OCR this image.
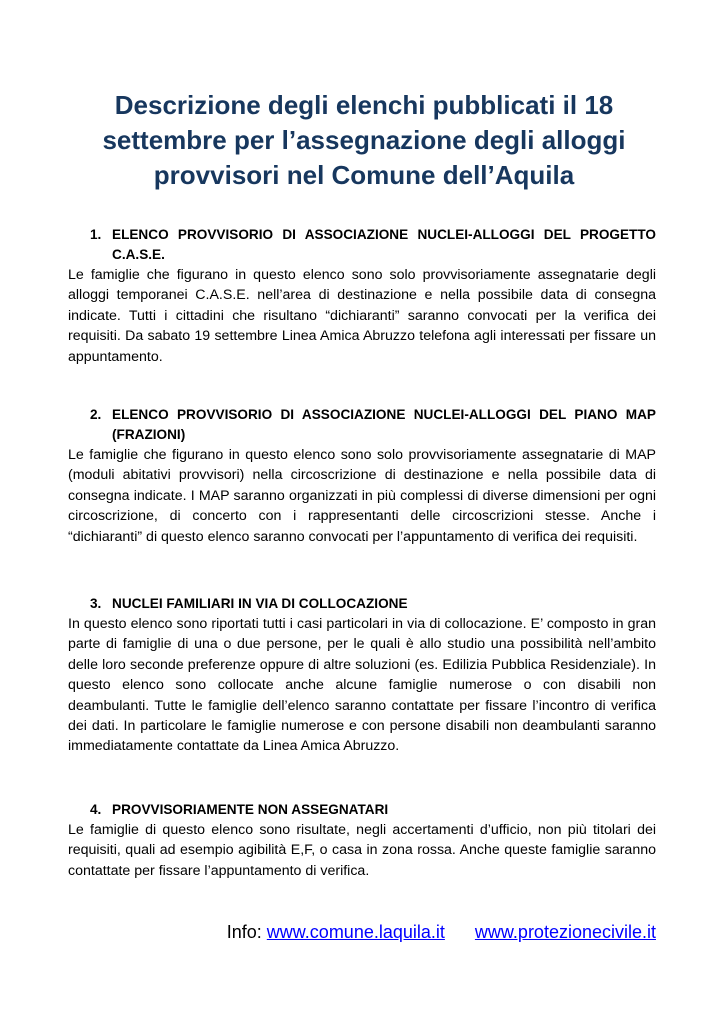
Descrizione degli elenchi pubblicati il 18 settembre per l’assegnazione degli alloggi provvisori nel Comune dell’Aquila
1. ELENCO PROVVISORIO DI ASSOCIAZIONE NUCLEI-ALLOGGI DEL PROGETTO C.A.S.E.
Le famiglie che figurano in questo elenco sono solo provvisoriamente assegnatarie degli alloggi temporanei C.A.S.E. nell’area di destinazione e nella possibile data di consegna indicate. Tutti i cittadini che risultano “dichiaranti” saranno convocati per la verifica dei requisiti. Da sabato 19 settembre Linea Amica Abruzzo telefona agli interessati per fissare un appuntamento.
2. ELENCO PROVVISORIO DI ASSOCIAZIONE NUCLEI-ALLOGGI DEL PIANO MAP (FRAZIONI)
Le famiglie che figurano in questo elenco sono solo provvisoriamente assegnatarie di MAP (moduli abitativi provvisori) nella circoscrizione di destinazione e nella possibile data di consegna indicate. I MAP saranno organizzati in più complessi di diverse dimensioni per ogni circoscrizione, di concerto con i rappresentanti delle circoscrizioni stesse. Anche i “dichiaranti” di questo elenco saranno convocati per l’appuntamento di verifica dei requisiti.
3. NUCLEI FAMILIARI IN VIA DI COLLOCAZIONE
In questo elenco sono riportati tutti i casi particolari in via di collocazione. E’ composto in gran parte di famiglie di una o due persone, per le quali è allo studio una possibilità nell’ambito delle loro seconde preferenze oppure di altre soluzioni (es. Edilizia Pubblica Residenziale). In questo elenco sono collocate anche alcune famiglie numerose o con disabili non deambulanti. Tutte le famiglie dell’elenco saranno contattate per fissare l’incontro di verifica dei dati. In particolare le famiglie numerose e con persone disabili non deambulanti saranno immediatamente contattate da Linea Amica Abruzzo.
4. PROVVISORIAMENTE NON ASSEGNATARI
Le famiglie di questo elenco sono risultate, negli accertamenti d’ufficio, non più titolari dei requisiti, quali ad esempio agibilità E,F, o casa in zona rossa. Anche queste famiglie saranno contattate per fissare l’appuntamento di verifica.
Info: www.comune.laquila.it www.protezionecivile.it
